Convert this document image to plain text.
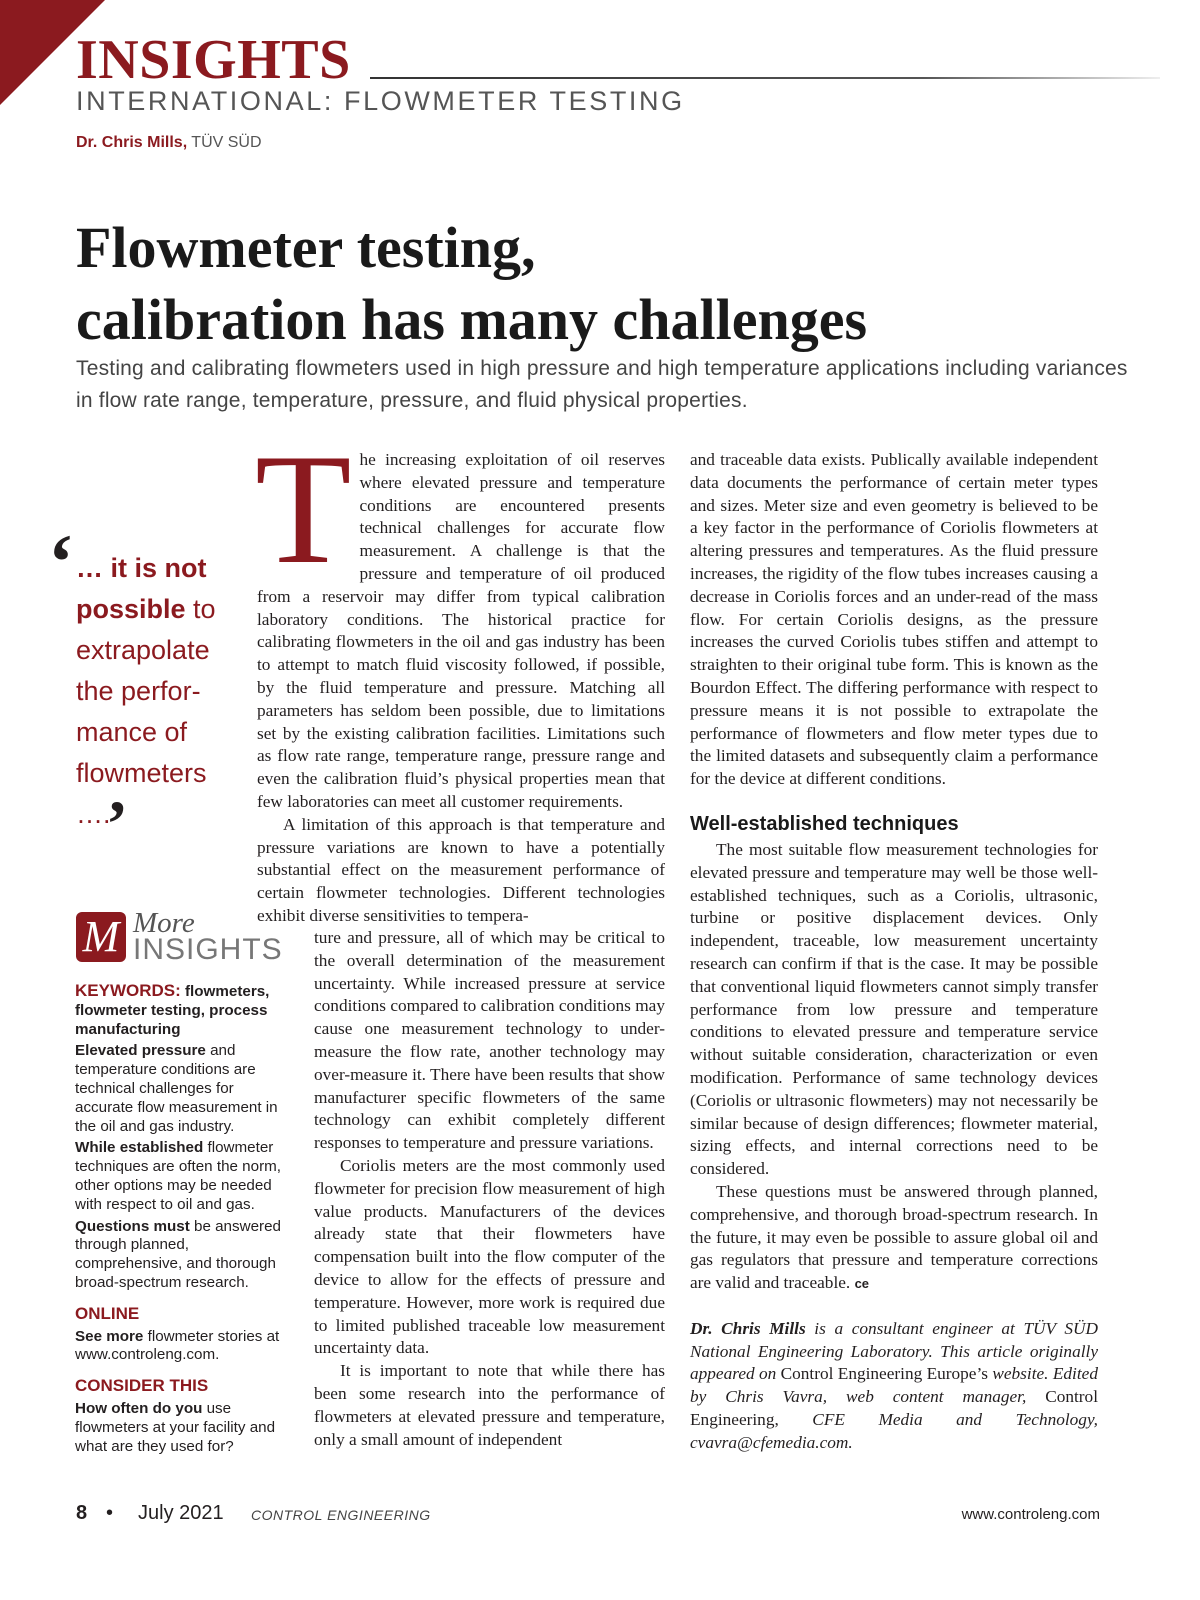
INSIGHTS
INTERNATIONAL: FLOWMETER TESTING
Dr. Chris Mills, TÜV SÜD
Flowmeter testing,
calibration has many challenges

Testing and calibrating flowmeters used in high pressure and high temperature applications including variances in flow rate range, temperature, pressure, and fluid physical properties.

‘ … it is not possible to extrapolate the perfor-mance of flowmeters ….
’
M More
INSIGHTS

KEYWORDS: flowmeters, flowmeter testing, process manufacturing

Elevated pressure and temperature conditions are technical challenges for accurate flow measurement in the oil and gas industry.

While established flowmeter techniques are often the norm, other options may be needed with respect to oil and gas.

Questions must be answered through planned, comprehensive, and thorough broad-spectrum research.

ONLINE

See more flowmeter stories at www.controleng.com.

CONSIDER THIS

How often do you use flowmeters at your facility and what are they used for?

The increasing exploitation of oil reserves where elevated pressure and temperature conditions are encountered presents technical challenges for accurate flow measurement. A challenge is that the pressure and temperature of oil produced from a reservoir may differ from typical calibration laboratory conditions. The historical practice for calibrating flowmeters in the oil and gas industry has been to attempt to match fluid viscosity followed, if possible, by the fluid temperature and pressure. Matching all parameters has seldom been possible, due to limitations set by the existing calibration facilities. Limitations such as flow rate range, temperature range, pressure range and even the calibration fluid’s physical properties mean that few laboratories can meet all customer requirements.

A limitation of this approach is that temperature and pressure variations are known to have a potentially substantial effect on the measurement performance of certain flowmeter technologies. Different technologies exhibit diverse sensitivities to tempera-

ture and pressure, all of which may be critical to the overall determination of the measurement uncertainty. While increased pressure at service conditions compared to calibration conditions may cause one measurement technology to under-measure the flow rate, another technology may over-measure it. There have been results that show manufacturer specific flowmeters of the same technology can exhibit completely different responses to temperature and pressure variations.

Coriolis meters are the most commonly used flowmeter for precision flow measurement of high value products. Manufacturers of the devices already state that their flowmeters have compensation built into the flow computer of the device to allow for the effects of pressure and temperature. However, more work is required due to limited published traceable low measurement uncertainty data.

It is important to note that while there has been some research into the performance of flowmeters at elevated pressure and temperature, only a small amount of independent

and traceable data exists. Publically available independent data documents the performance of certain meter types and sizes. Meter size and even geometry is believed to be a key factor in the performance of Coriolis flowmeters at altering pressures and temperatures. As the fluid pressure increases, the rigidity of the flow tubes increases causing a decrease in Coriolis forces and an under-read of the mass flow. For certain Coriolis designs, as the pressure increases the curved Coriolis tubes stiffen and attempt to straighten to their original tube form. This is known as the Bourdon Effect. The differing performance with respect to pressure means it is not possible to extrapolate the performance of flowmeters and flow meter types due to the limited datasets and subsequently claim a performance for the device at different conditions.

Well-established techniques

The most suitable flow measurement technologies for elevated pressure and temperature may well be those well-established techniques, such as a Coriolis, ultrasonic, turbine or positive displacement devices. Only independent, traceable, low measurement uncertainty research can confirm if that is the case. It may be possible that conventional liquid flowmeters cannot simply transfer performance from low pressure and temperature conditions to elevated pressure and temperature service without suitable consideration, characterization or even modification. Performance of same technology devices (Coriolis or ultrasonic flowmeters) may not necessarily be similar because of design differences; flowmeter material, sizing effects, and internal corrections need to be considered.

These questions must be answered through planned, comprehensive, and thorough broad-spectrum research. In the future, it may even be possible to assure global oil and gas regulators that pressure and temperature corrections are valid and traceable. ce

Dr. Chris Mills is a consultant engineer at TÜV SÜD National Engineering Laboratory. This article originally appeared on Control Engineering Europe’s website. Edited by Chris Vavra, web content manager, Control Engineering, CFE Media and Technology, cvavra@cfemedia.com.

8 • July 2021 CONTROL ENGINEERING	www.controleng.com
